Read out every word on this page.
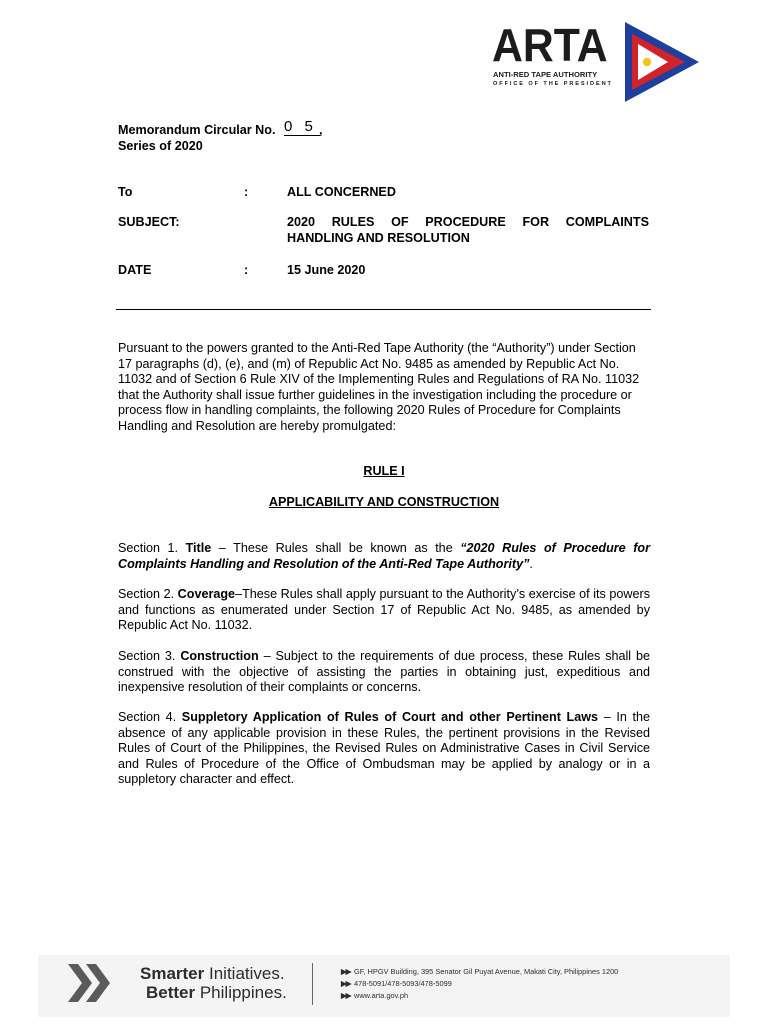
ARTA
ANTI-RED TAPE AUTHORITY
OFFICE OF THE PRESIDENT
Memorandum Circular No. 0 5 ,
Series of 2020
To	:	ALL CONCERNED
SUBJECT:	2020 RULES OF PROCEDURE FOR COMPLAINTS HANDLING AND RESOLUTION
DATE	:	15 June 2020
Pursuant to the powers granted to the Anti-Red Tape Authority (the “Authority”) under Section 17 paragraphs (d), (e), and (m) of Republic Act No. 9485 as amended by Republic Act No. 11032 and of Section 6 Rule XIV of the Implementing Rules and Regulations of RA No. 11032 that the Authority shall issue further guidelines in the investigation including the procedure or process flow in handling complaints, the following 2020 Rules of Procedure for Complaints Handling and Resolution are hereby promulgated:
RULE I
APPLICABILITY AND CONSTRUCTION
Section 1. Title – These Rules shall be known as the “2020 Rules of Procedure for Complaints Handling and Resolution of the Anti-Red Tape Authority”.
Section 2. Coverage–These Rules shall apply pursuant to the Authority’s exercise of its powers and functions as enumerated under Section 17 of Republic Act No. 9485, as amended by Republic Act No. 11032.
Section 3. Construction – Subject to the requirements of due process, these Rules shall be construed with the objective of assisting the parties in obtaining just, expeditious and inexpensive resolution of their complaints or concerns.
Section 4. Suppletory Application of Rules of Court and other Pertinent Laws – In the absence of any applicable provision in these Rules, the pertinent provisions in the Revised Rules of Court of the Philippines, the Revised Rules on Administrative Cases in Civil Service and Rules of Procedure of the Office of Ombudsman may be applied by analogy or in a suppletory character and effect.
Smarter Initiatives.
Better Philippines.
▶▶ GF, HPGV Building, 395 Senator Gil Puyat Avenue, Makati City, Philippines 1200
▶▶ 478-5091/478-5093/478-5099
▶▶ www.arta.gov.ph
